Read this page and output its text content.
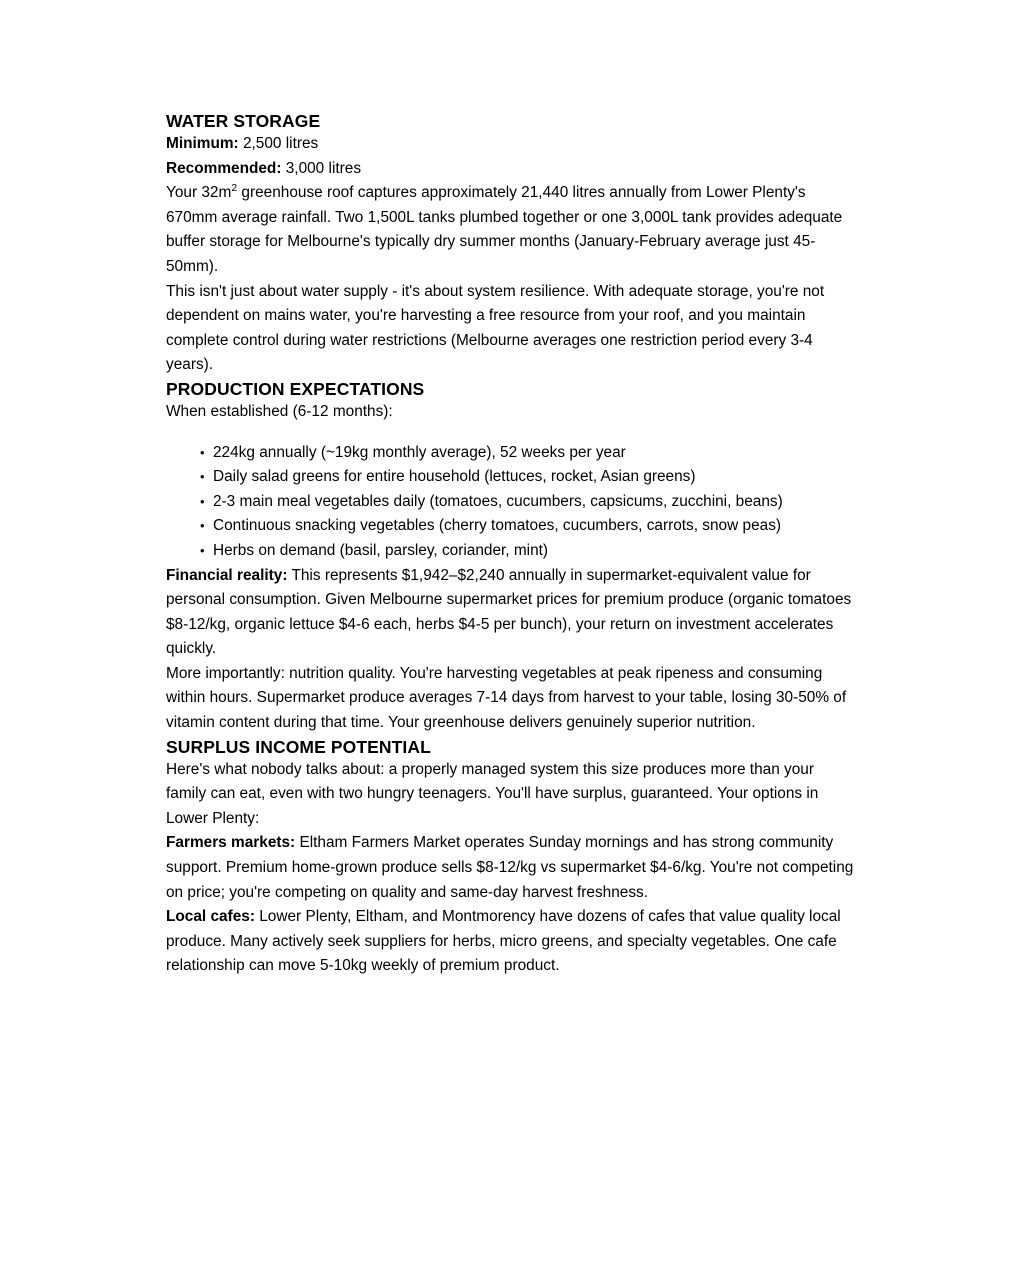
WATER STORAGE

Minimum: 2,500 litres

Recommended: 3,000 litres

Your $32m^2$ greenhouse roof captures approximately 21,440 litres annually from Lower Plenty's 670mm average rainfall. Two 1,500L tanks plumbed together or one 3,000L tank provides adequate buffer storage for Melbourne's typically dry summer months (January-February average just 45-50mm).

This isn't just about water supply - it's about system resilience. With adequate storage, you're not dependent on mains water, you're harvesting a free resource from your roof, and you maintain complete control during water restrictions (Melbourne averages one restriction period every 3-4 years).

PRODUCTION EXPECTATIONS

When established (6-12 months):

• 224kg annually (~19kg monthly average), 52 weeks per year
• Daily salad greens for entire household (lettuces, rocket, Asian greens)
• 2-3 main meal vegetables daily (tomatoes, cucumbers, capsicums, zucchini, beans)
• Continuous snacking vegetables (cherry tomatoes, cucumbers, carrots, snow peas)
• Herbs on demand (basil, parsley, coriander, mint)

Financial reality: This represents $1,942–$2,240 annually in supermarket-equivalent value for personal consumption. Given Melbourne supermarket prices for premium produce (organic tomatoes $8-12/kg, organic lettuce $4-6 each, herbs $4-5 per bunch), your return on investment accelerates quickly.

More importantly: nutrition quality. You're harvesting vegetables at peak ripeness and consuming within hours. Supermarket produce averages 7-14 days from harvest to your table, losing 30-50% of vitamin content during that time. Your greenhouse delivers genuinely superior nutrition.

SURPLUS INCOME POTENTIAL

Here's what nobody talks about: a properly managed system this size produces more than your family can eat, even with two hungry teenagers. You'll have surplus, guaranteed. Your options in Lower Plenty:

Farmers markets: Eltham Farmers Market operates Sunday mornings and has strong community support. Premium home-grown produce sells $8-12/kg vs supermarket $4-6/kg. You're not competing on price; you're competing on quality and same-day harvest freshness.

Local cafes: Lower Plenty, Eltham, and Montmorency have dozens of cafes that value quality local produce. Many actively seek suppliers for herbs, micro greens, and specialty vegetables. One cafe relationship can move 5-10kg weekly of premium product.
